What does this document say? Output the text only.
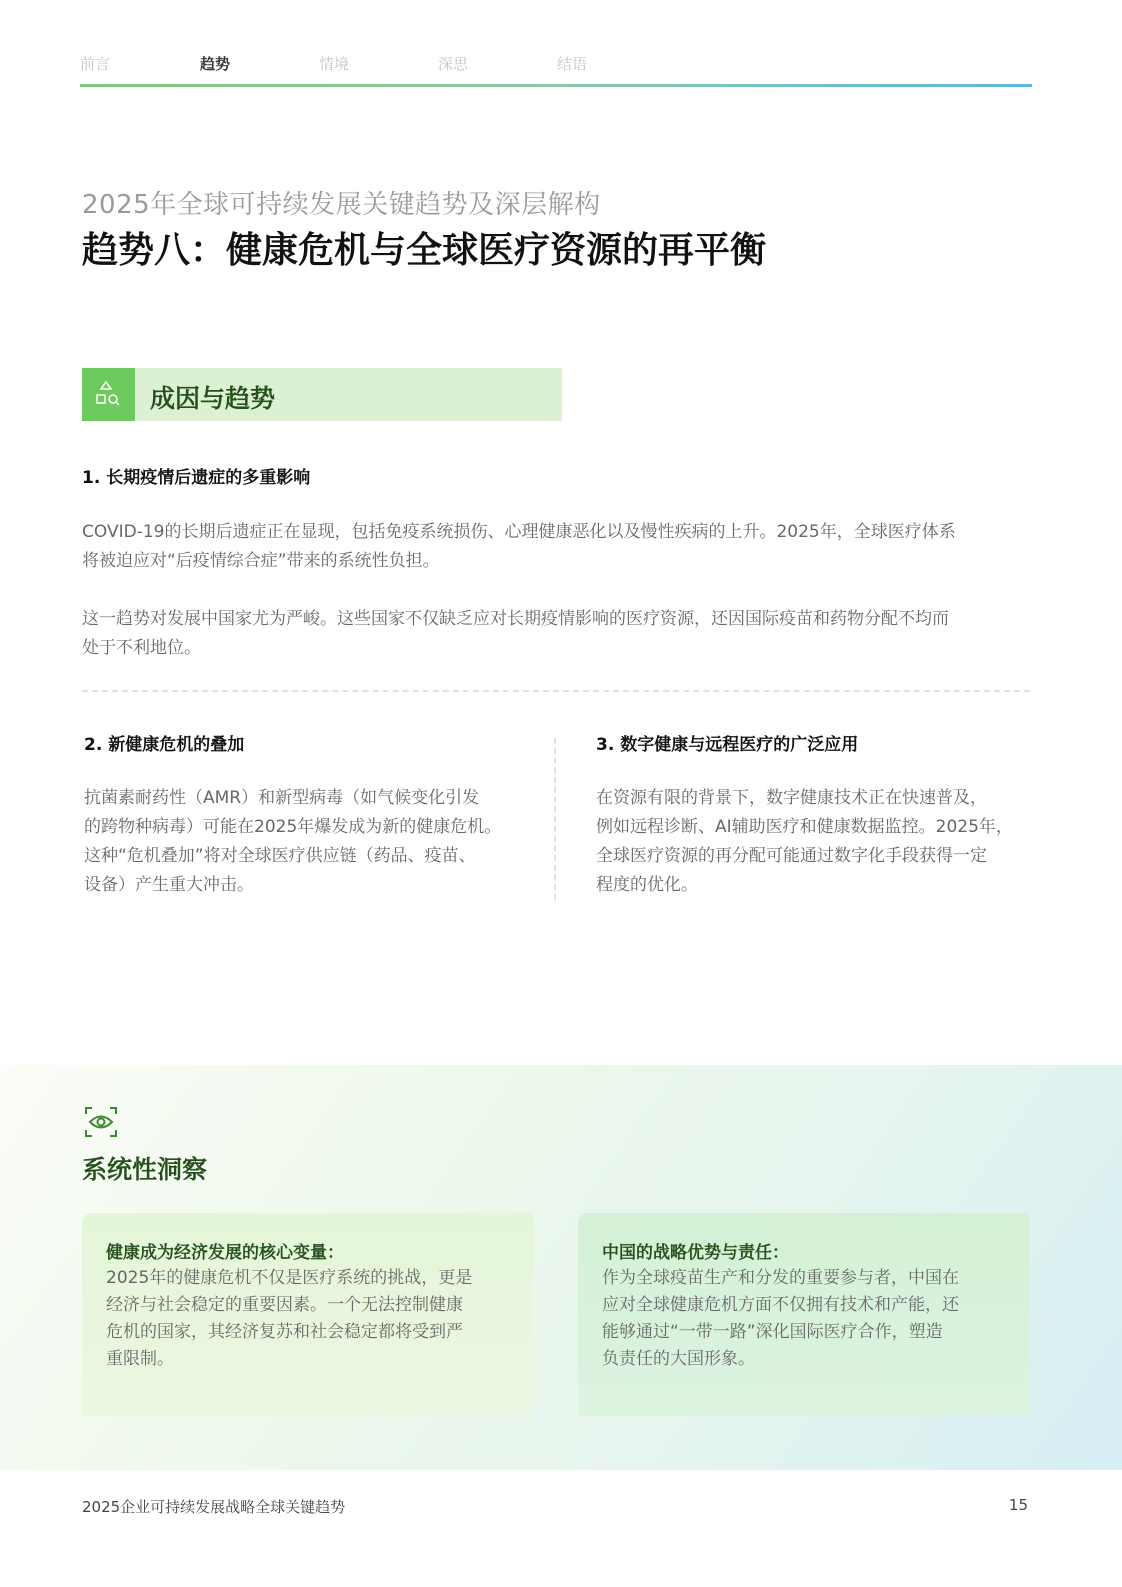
前言	趋势	情境	深思	结语
2025年全球可持续发展关键趋势及深层解构
趋势八：健康危机与全球医疗资源的再平衡
成因与趋势
1. 长期疫情后遗症的多重影响
COVID-19的长期后遗症正在显现，包括免疫系统损伤、心理健康恶化以及慢性疾病的上升。2025年，全球医疗体系
将被迫应对“后疫情综合症”带来的系统性负担。
这一趋势对发展中国家尤为严峻。这些国家不仅缺乏应对长期疫情影响的医疗资源，还因国际疫苗和药物分配不均而
处于不利地位。
2. 新健康危机的叠加
抗菌素耐药性（AMR）和新型病毒（如气候变化引发
的跨物种病毒）可能在2025年爆发成为新的健康危机。
这种“危机叠加”将对全球医疗供应链（药品、疫苗、
设备）产生重大冲击。
3. 数字健康与远程医疗的广泛应用
在资源有限的背景下，数字健康技术正在快速普及，
例如远程诊断、AI辅助医疗和健康数据监控。2025年，
全球医疗资源的再分配可能通过数字化手段获得一定
程度的优化。
系统性洞察
健康成为经济发展的核心变量：
2025年的健康危机不仅是医疗系统的挑战，更是
经济与社会稳定的重要因素。一个无法控制健康
危机的国家，其经济复苏和社会稳定都将受到严
重限制。
中国的战略优势与责任：
作为全球疫苗生产和分发的重要参与者，中国在
应对全球健康危机方面不仅拥有技术和产能，还
能够通过“一带一路”深化国际医疗合作，塑造
负责任的大国形象。
2025企业可持续发展战略全球关键趋势	15
